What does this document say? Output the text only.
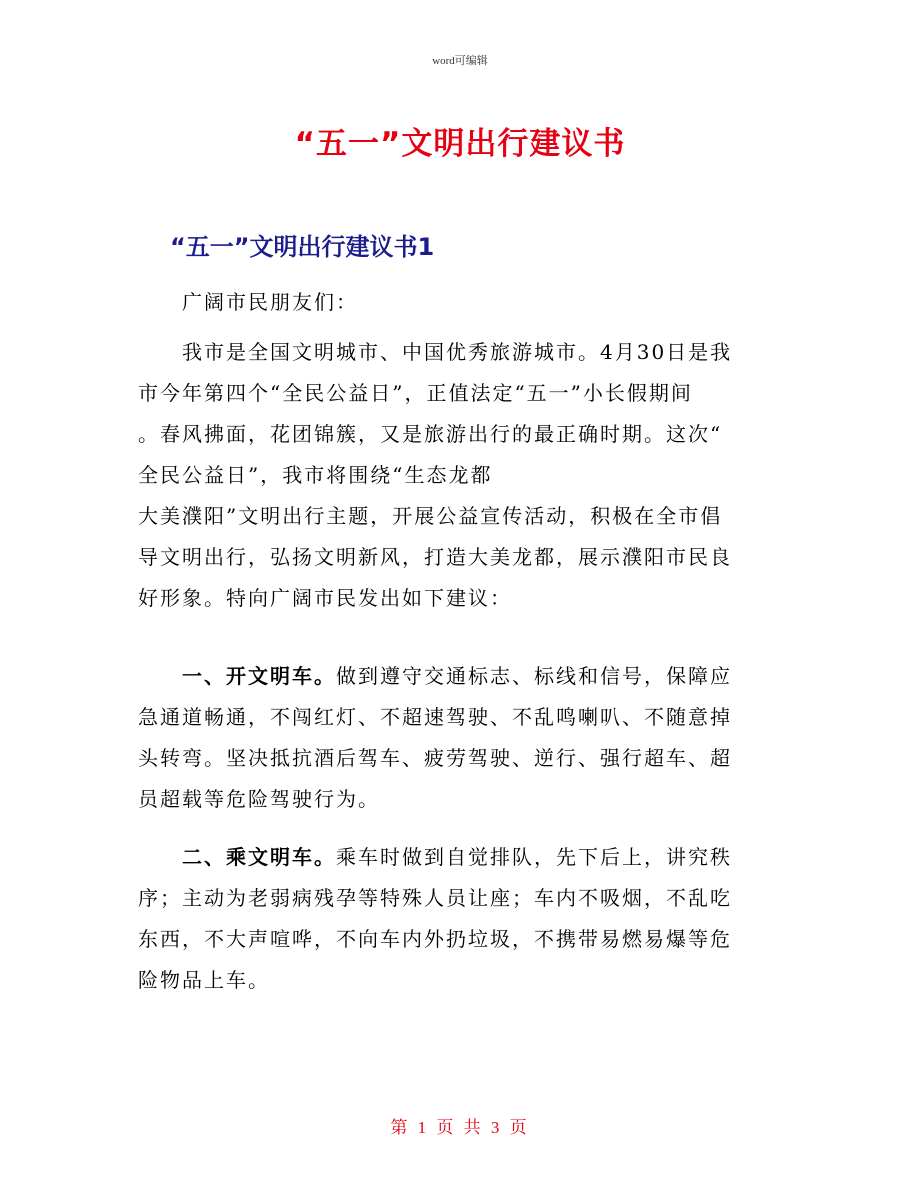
word可编辑
“五一”文明出行建议书
“五一”文明出行建议书1
广阔市民朋友们：
我市是全国文明城市、中国优秀旅游城市。4月30日是我
市今年第四个“全民公益日”，正值法定“五一”小长假期间
。春风拂面，花团锦簇，又是旅游出行的最正确时期。这次“
全民公益日”，我市将围绕“生态龙都
大美濮阳”文明出行主题，开展公益宣传活动，积极在全市倡
导文明出行，弘扬文明新风，打造大美龙都，展示濮阳市民良
好形象。特向广阔市民发出如下建议：
一、开文明车。做到遵守交通标志、标线和信号，保障应
急通道畅通，不闯红灯、不超速驾驶、不乱鸣喇叭、不随意掉
头转弯。坚决抵抗酒后驾车、疲劳驾驶、逆行、强行超车、超
员超载等危险驾驶行为。
二、乘文明车。乘车时做到自觉排队，先下后上，讲究秩
序；主动为老弱病残孕等特殊人员让座；车内不吸烟，不乱吃
东西，不大声喧哗，不向车内外扔垃圾，不携带易燃易爆等危
险物品上车。
第 1 页 共 3 页
